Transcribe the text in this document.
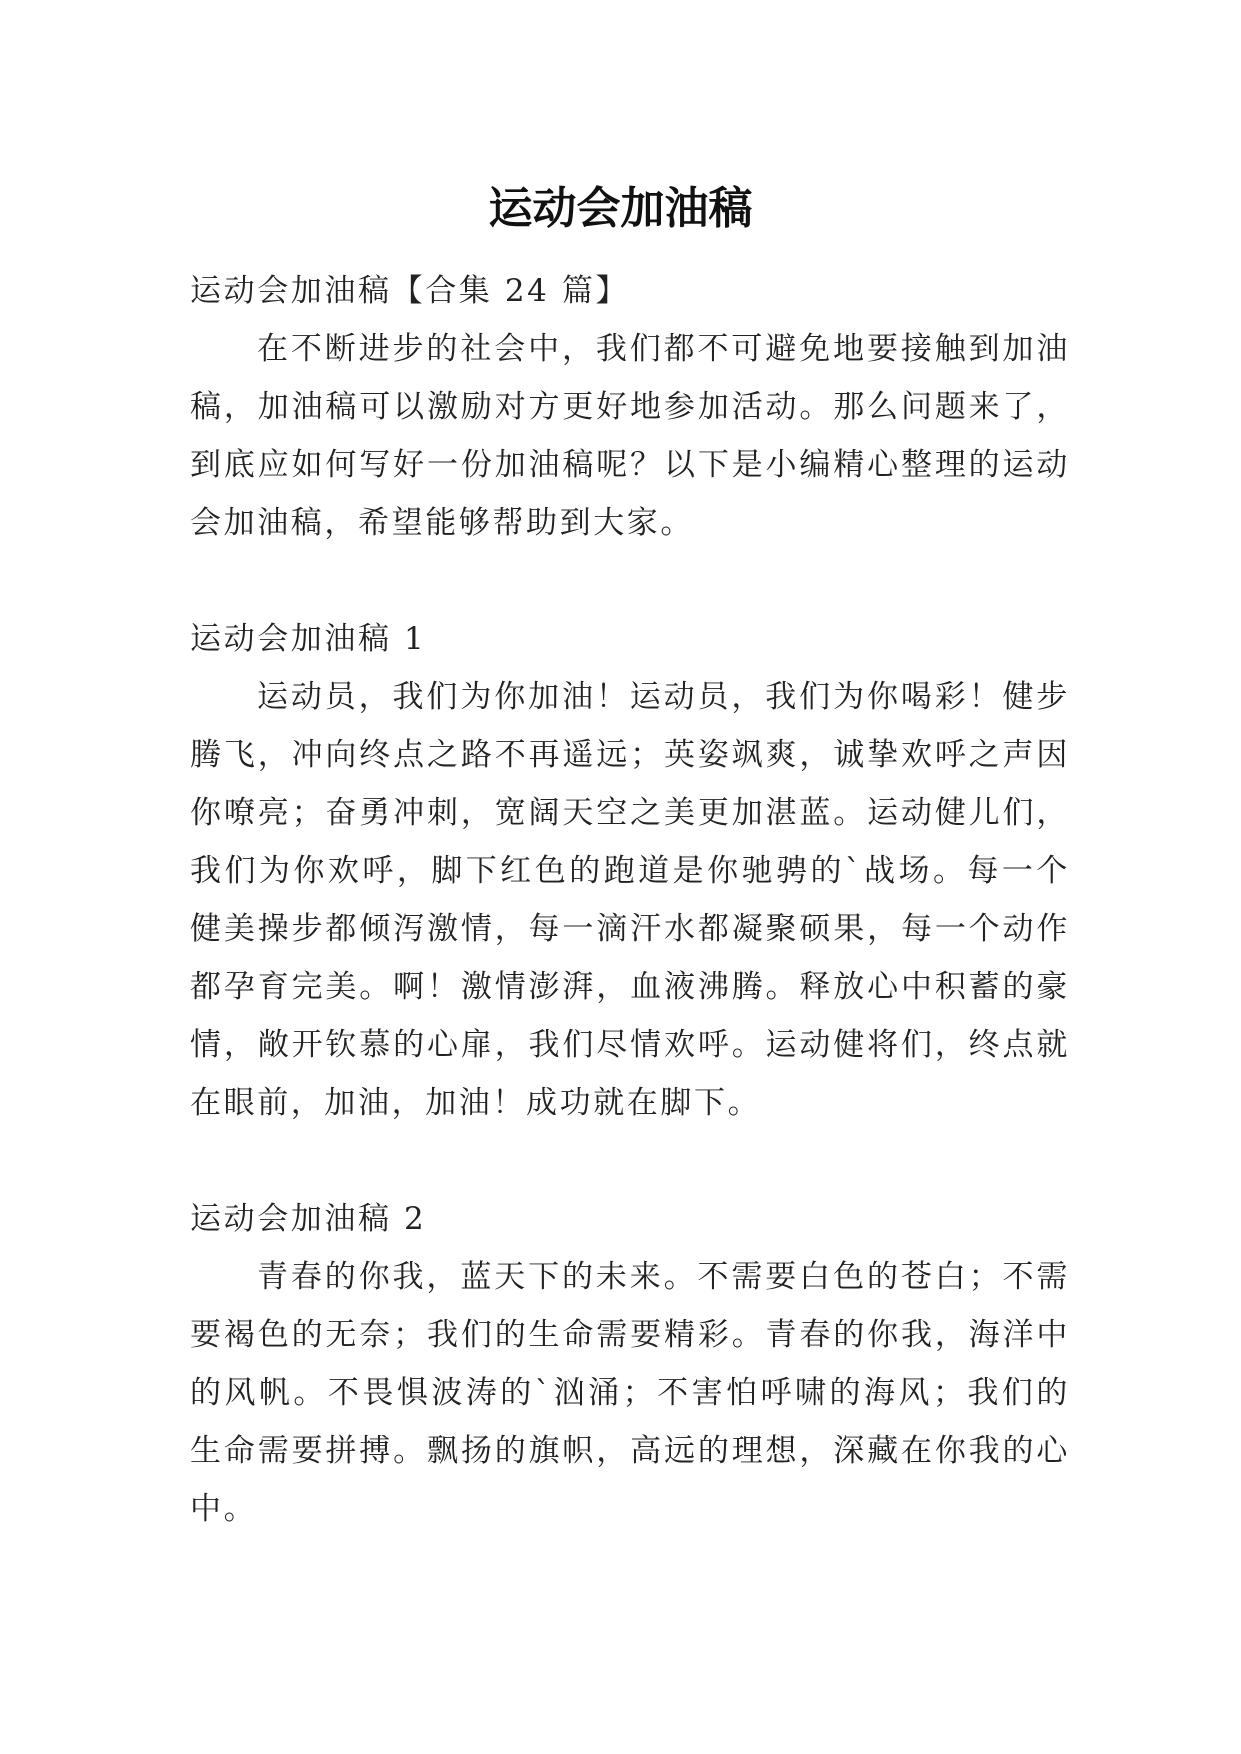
运动会加油稿

运动会加油稿【合集 24 篇】

在不断进步的社会中，我们都不可避免地要接触到加油稿，加油稿可以激励对方更好地参加活动。那么问题来了，到底应如何写好一份加油稿呢？以下是小编精心整理的运动会加油稿，希望能够帮助到大家。

运动会加油稿 1

运动员，我们为你加油！运动员，我们为你喝彩！健步腾飞，冲向终点之路不再遥远；英姿飒爽，诚挚欢呼之声因你嘹亮；奋勇冲刺，宽阔天空之美更加湛蓝。运动健儿们，我们为你欢呼，脚下红色的跑道是你驰骋的`战场。每一个健美操步都倾泻激情，每一滴汗水都凝聚硕果，每一个动作都孕育完美。啊！激情澎湃，血液沸腾。释放心中积蓄的豪情，敞开钦慕的心扉，我们尽情欢呼。运动健将们，终点就在眼前，加油，加油！成功就在脚下。

运动会加油稿 2

青春的你我，蓝天下的未来。不需要白色的苍白；不需要褐色的无奈；我们的生命需要精彩。青春的你我，海洋中的风帆。不畏惧波涛的`汹涌；不害怕呼啸的海风；我们的生命需要拼搏。飘扬的旗帜，高远的理想，深藏在你我的心中。
